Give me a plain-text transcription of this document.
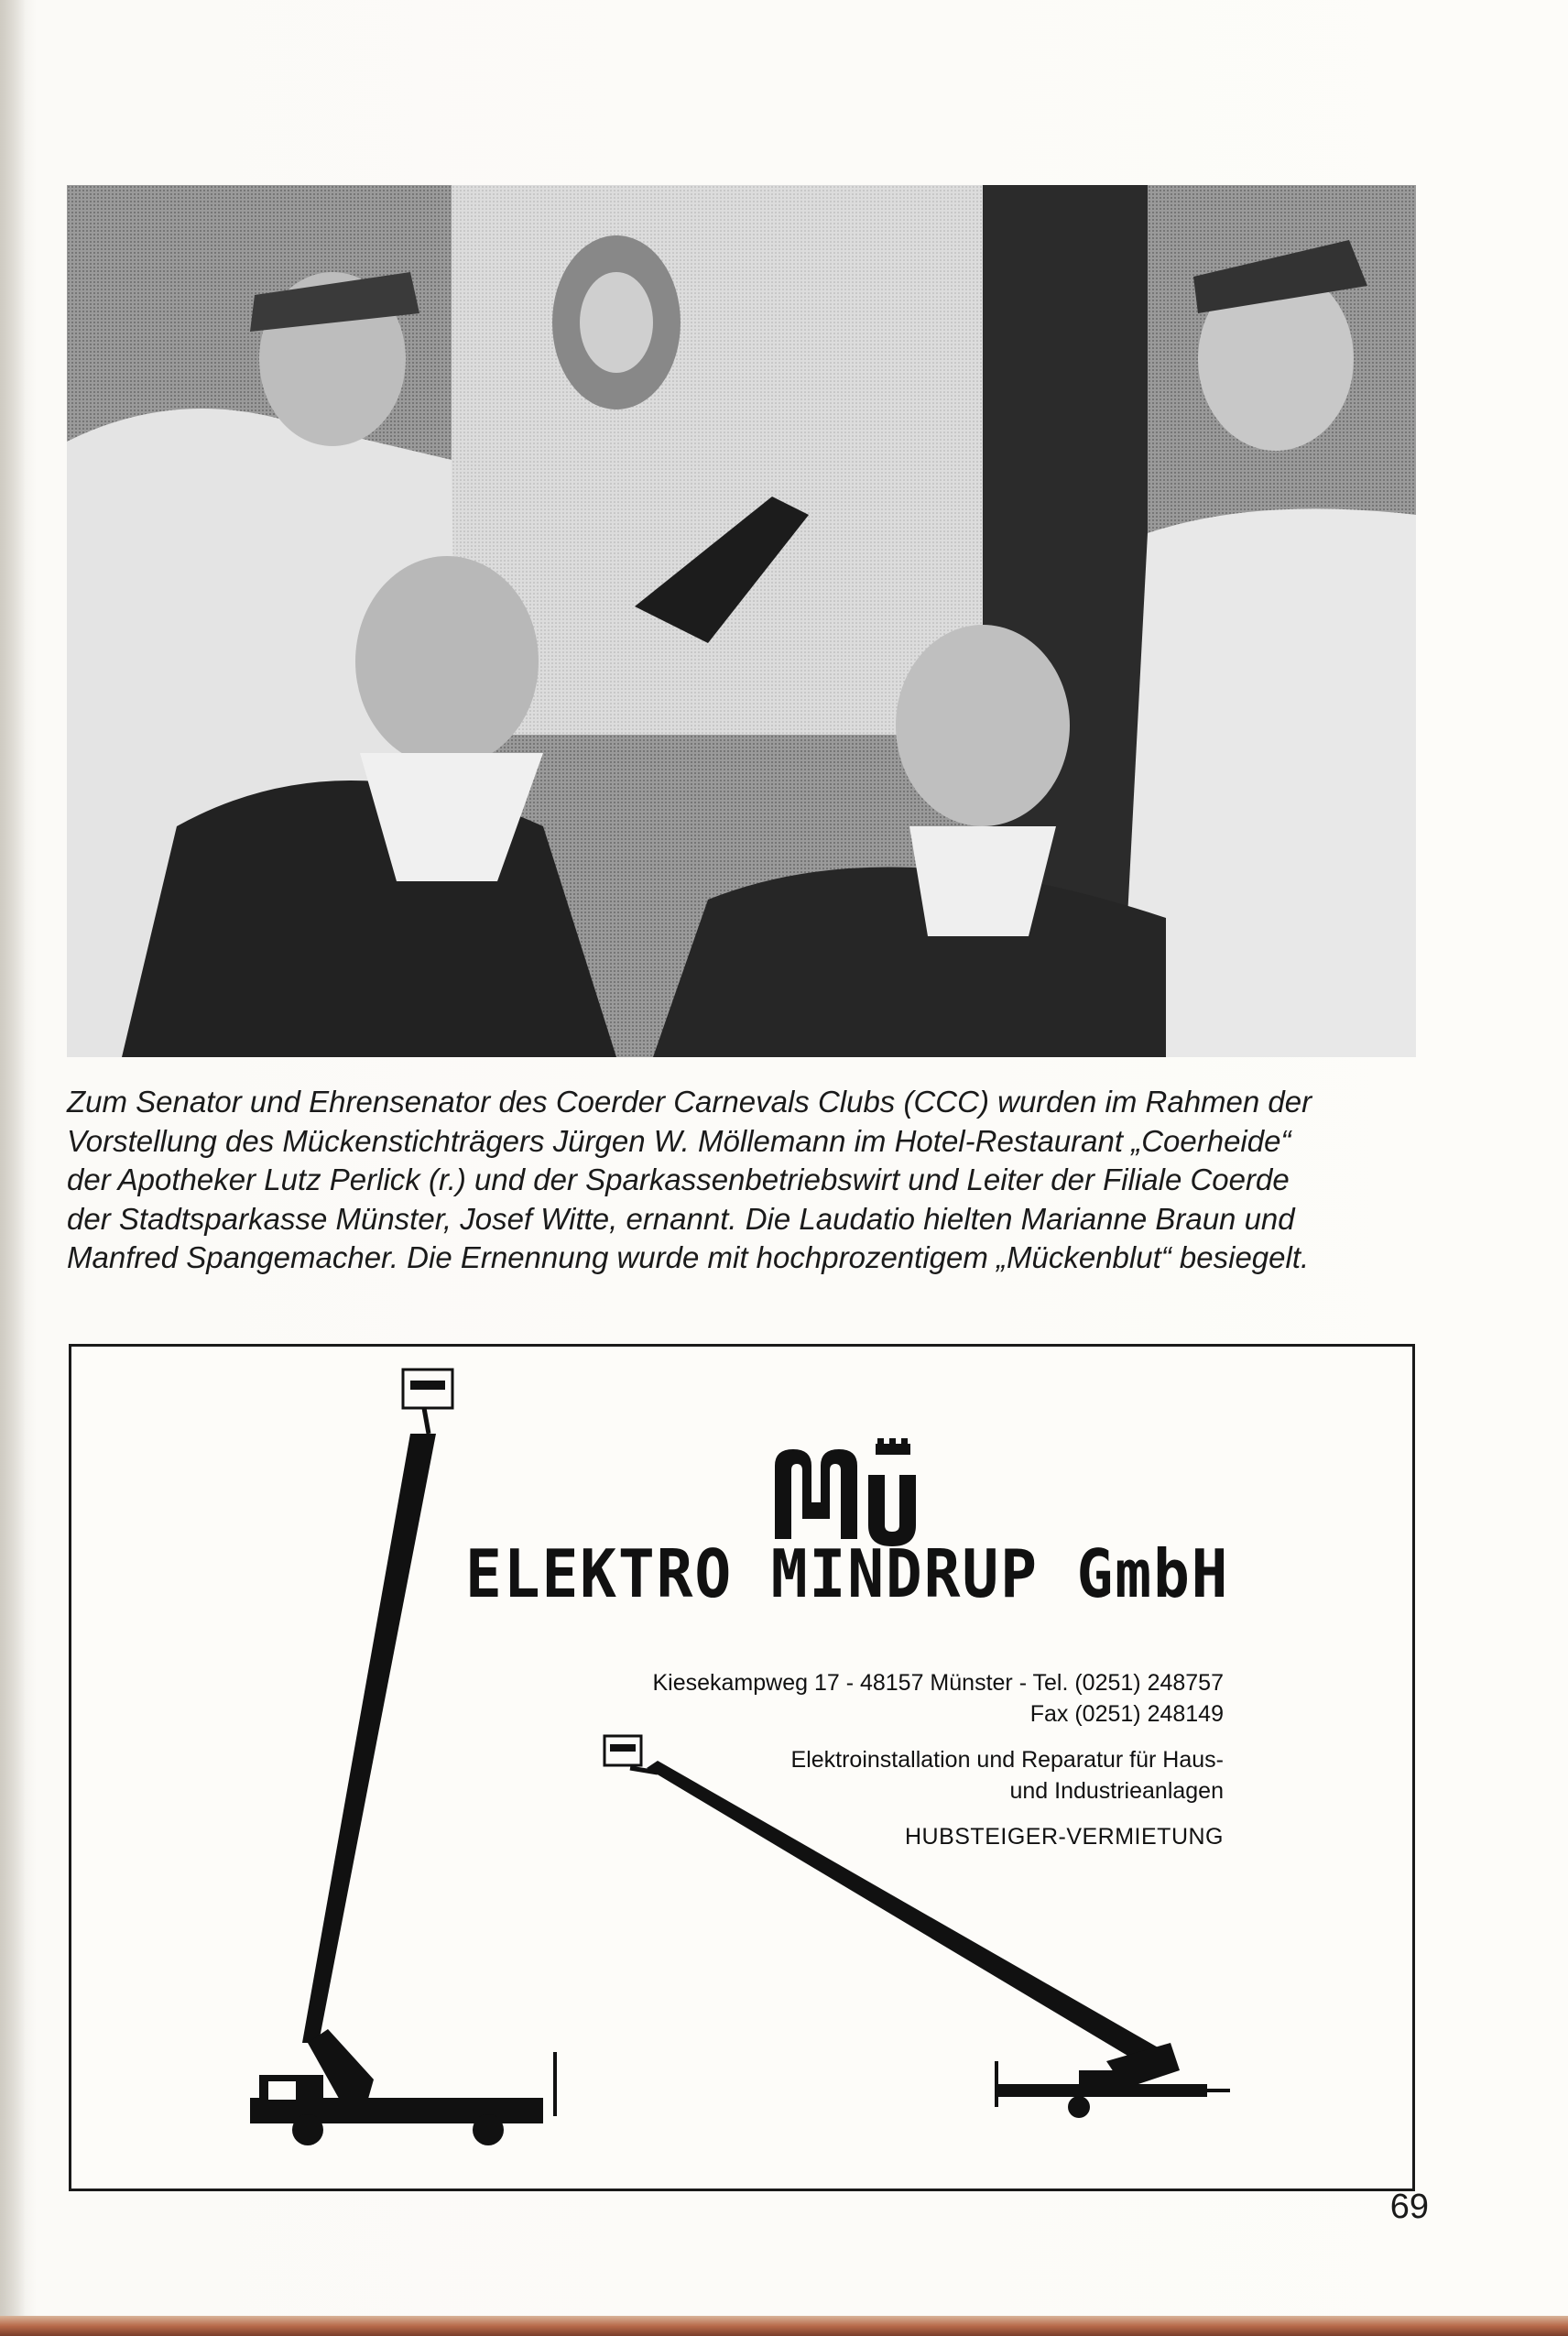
Zum Senator und Ehrensenator des Coerder Carnevals Clubs (CCC) wurden im Rahmen der
Vorstellung des Mückenstichträgers Jürgen W. Möllemann im Hotel-Restaurant „Coerheide“
der Apotheker Lutz Perlick (r.) und der Sparkassenbetriebswirt und Leiter der Filiale Coerde
der Stadtsparkasse Münster, Josef Witte, ernannt. Die Laudatio hielten Marianne Braun und
Manfred Spangemacher. Die Ernennung wurde mit hochprozentigem „Mückenblut“ besiegelt.
ELEKTRO MINDRUP GmbH
Kiesekampweg 17 - 48157 Münster - Tel. (0251) 248757
Fax (0251) 248149
Elektroinstallation und Reparatur für Haus-
und Industrieanlagen
HUBSTEIGER-VERMIETUNG
69
